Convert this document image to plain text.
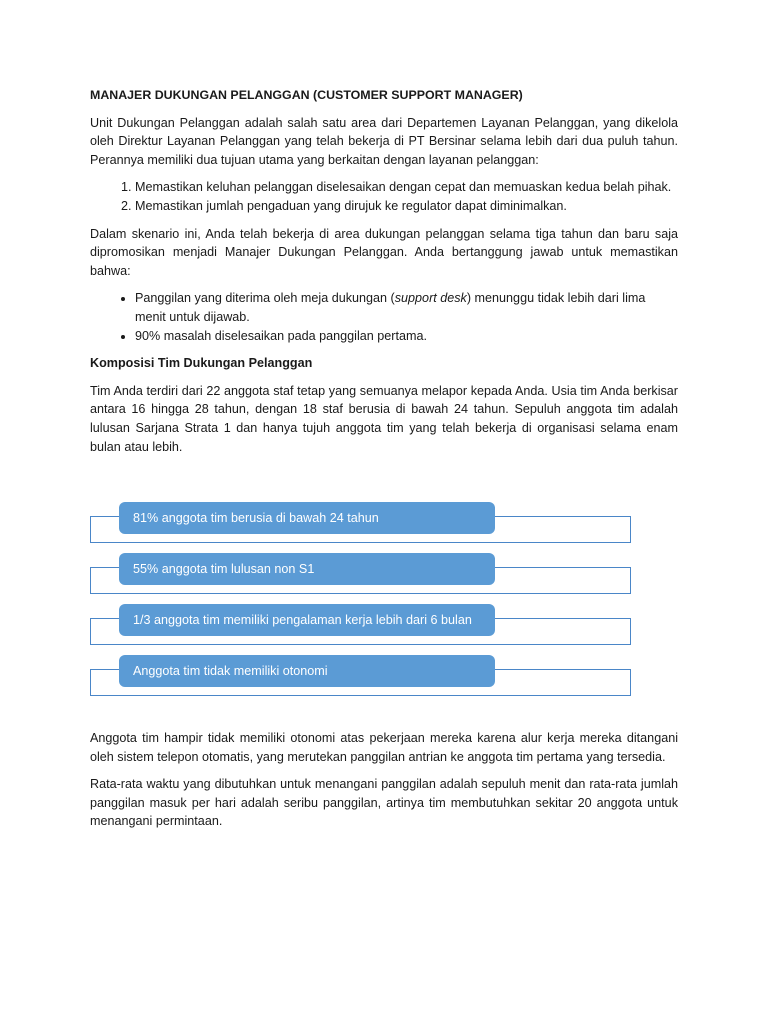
MANAJER DUKUNGAN PELANGGAN (CUSTOMER SUPPORT MANAGER)

Unit Dukungan Pelanggan adalah salah satu area dari Departemen Layanan Pelanggan, yang dikelola oleh Direktur Layanan Pelanggan yang telah bekerja di PT Bersinar selama lebih dari dua puluh tahun. Perannya memiliki dua tujuan utama yang berkaitan dengan layanan pelanggan:

1. Memastikan keluhan pelanggan diselesaikan dengan cepat dan memuaskan kedua belah pihak.
2. Memastikan jumlah pengaduan yang dirujuk ke regulator dapat diminimalkan.

Dalam skenario ini, Anda telah bekerja di area dukungan pelanggan selama tiga tahun dan baru saja dipromosikan menjadi Manajer Dukungan Pelanggan. Anda bertanggung jawab untuk memastikan bahwa:

• Panggilan yang diterima oleh meja dukungan (support desk) menunggu tidak lebih dari lima menit untuk dijawab.
• 90% masalah diselesaikan pada panggilan pertama.
Komposisi Tim Dukungan Pelanggan

Tim Anda terdiri dari 22 anggota staf tetap yang semuanya melapor kepada Anda. Usia tim Anda berkisar antara 16 hingga 28 tahun, dengan 18 staf berusia di bawah 24 tahun. Sepuluh anggota tim adalah lulusan Sarjana Strata 1 dan hanya tujuh anggota tim yang telah bekerja di organisasi selama enam bulan atau lebih.

81% anggota tim berusia di bawah 24 tahun
55% anggota tim lulusan non S1
1/3 anggota tim memiliki pengalaman kerja lebih dari 6 bulan
Anggota tim tidak memiliki otonomi

Anggota tim hampir tidak memiliki otonomi atas pekerjaan mereka karena alur kerja mereka ditangani oleh sistem telepon otomatis, yang merutekan panggilan antrian ke anggota tim pertama yang tersedia.

Rata-rata waktu yang dibutuhkan untuk menangani panggilan adalah sepuluh menit dan rata-rata jumlah panggilan masuk per hari adalah seribu panggilan, artinya tim membutuhkan sekitar 20 anggota untuk menangani permintaan.
